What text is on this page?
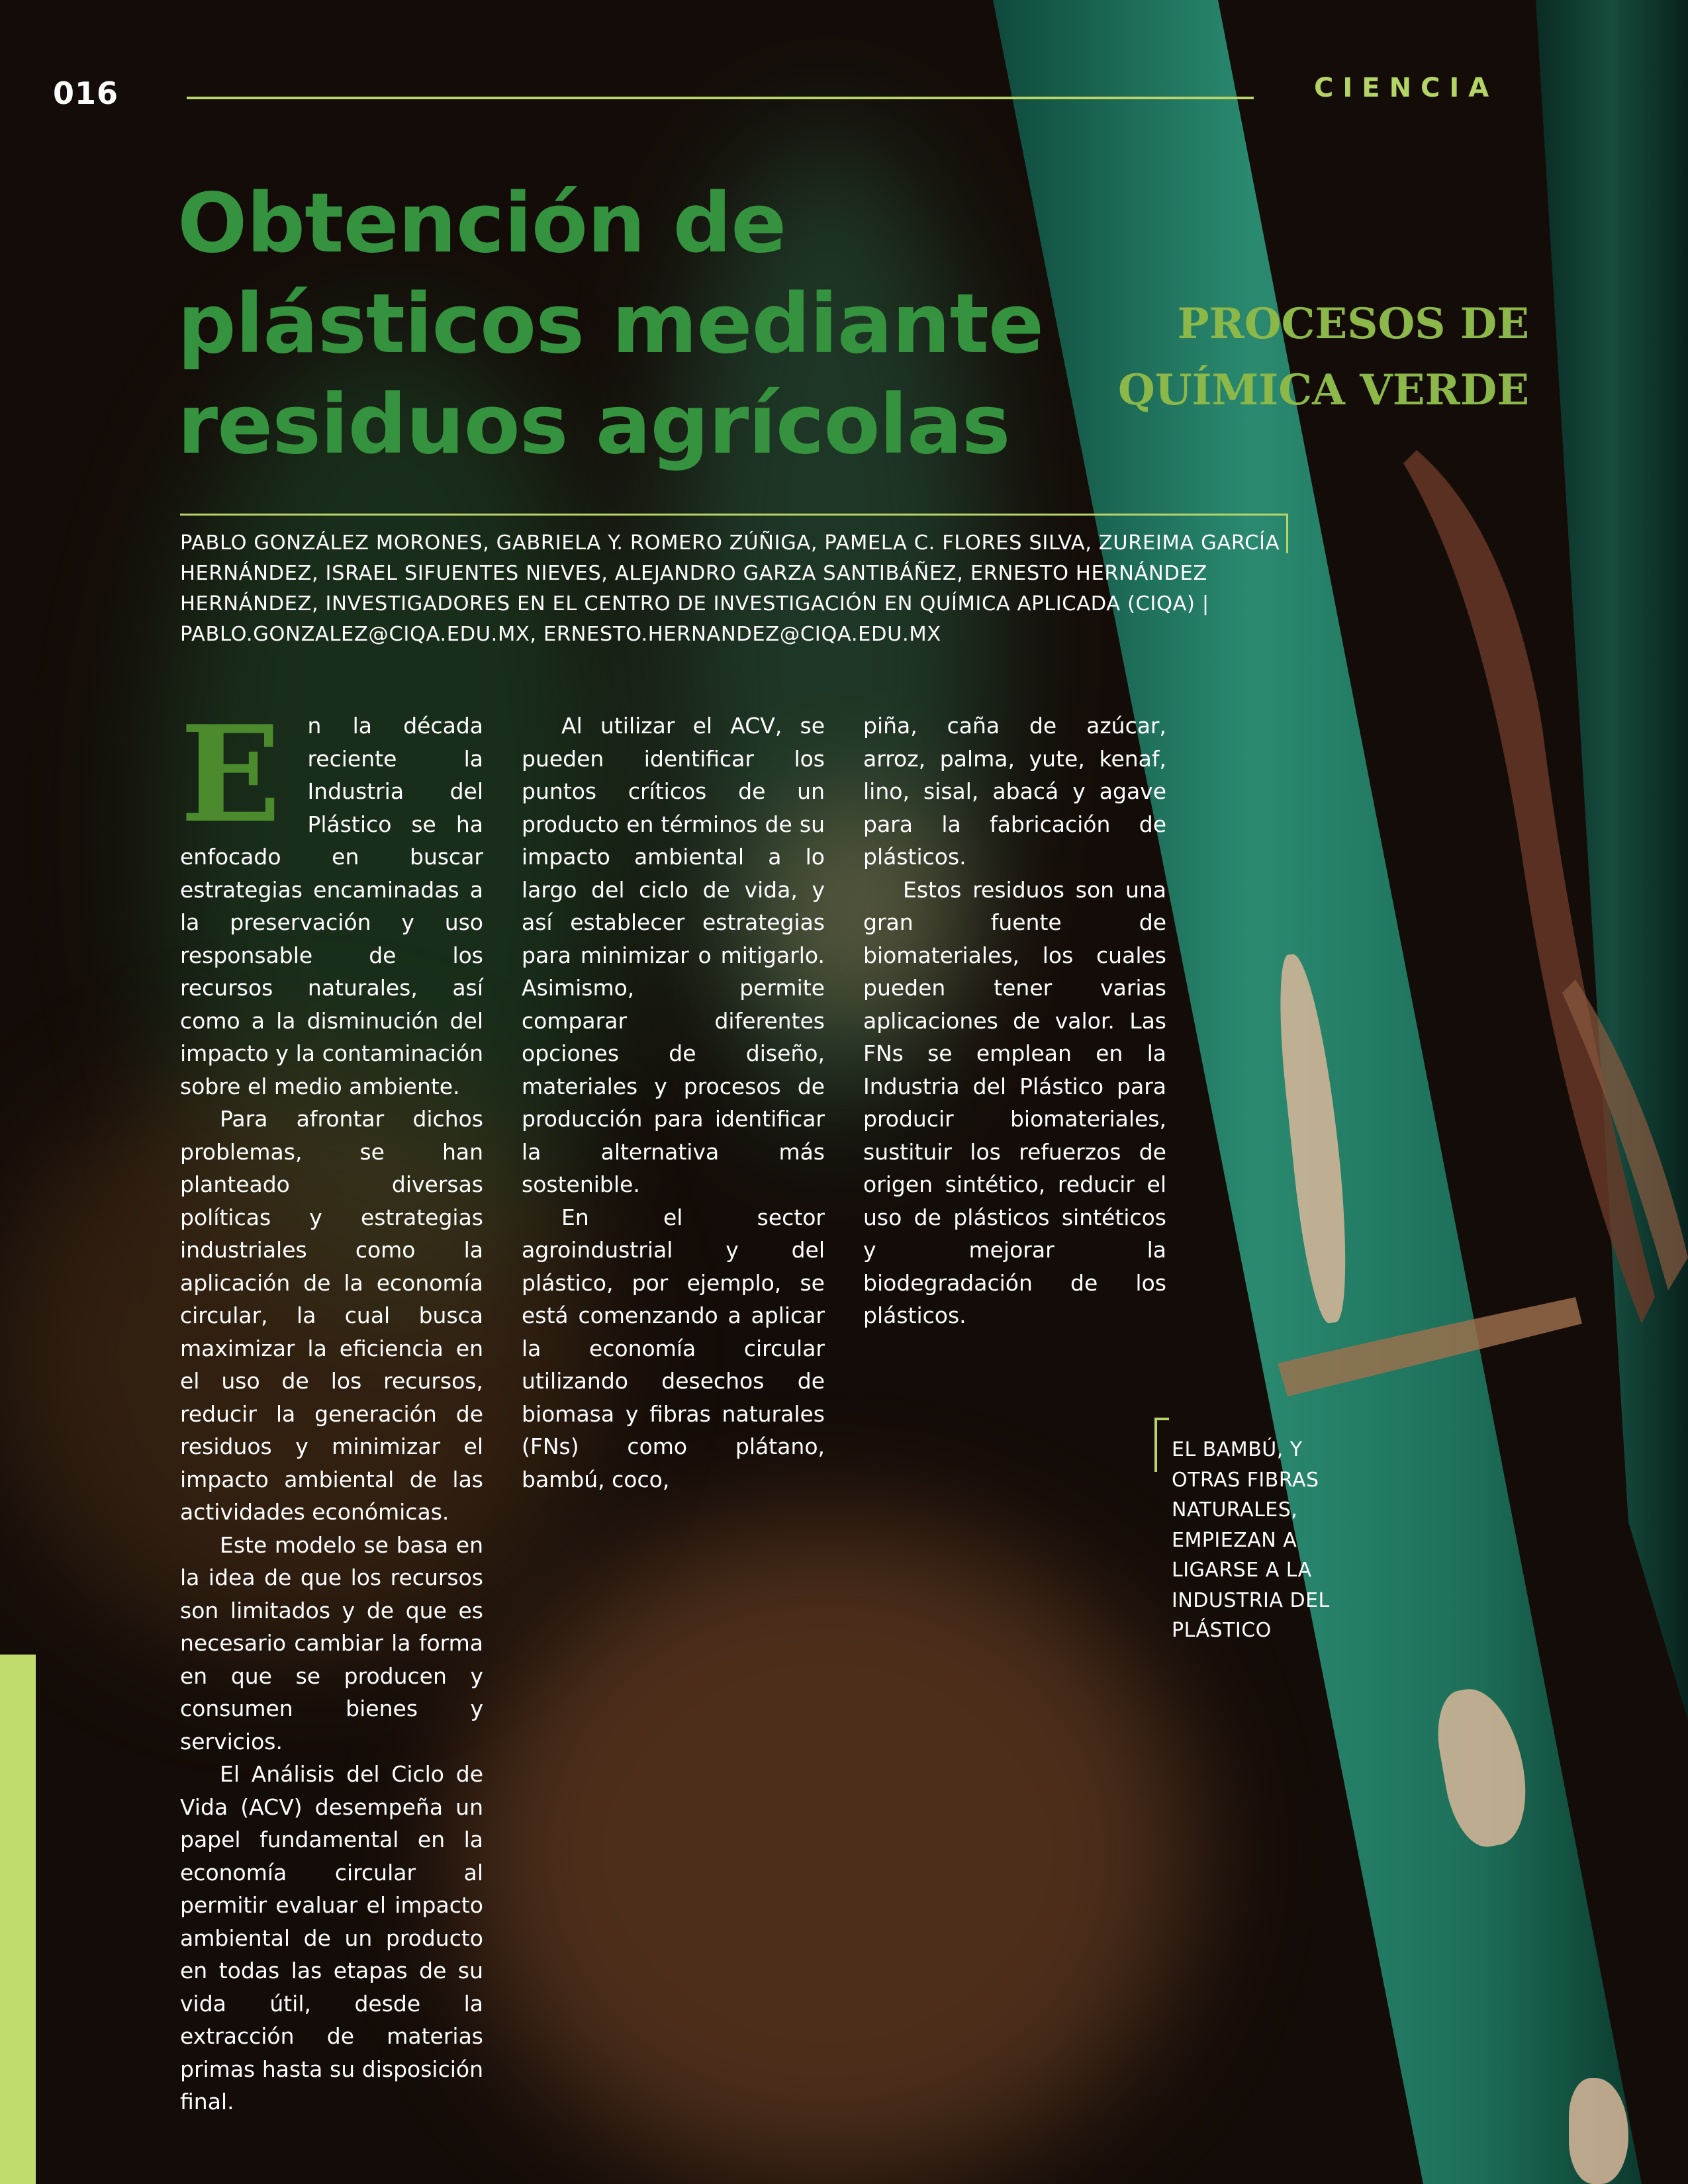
016	CIENCIA
Obtención de plásticos mediante residuos agrícolas

PROCESOS DE QUÍMICA VERDE

PABLO GONZÁLEZ MORONES, GABRIELA Y. ROMERO ZÚÑIGA, PAMELA C. FLORES SILVA, ZUREIMA GARCÍA HERNÁNDEZ, ISRAEL SIFUENTES NIEVES, ALEJANDRO GARZA SANTIBÁÑEZ, ERNESTO HERNÁNDEZ HERNÁNDEZ, INVESTIGADORES EN EL CENTRO DE INVESTIGACIÓN EN QUÍMICA APLICADA (CIQA) | PABLO.GONZALEZ@CIQA.EDU.MX, ERNESTO.HERNANDEZ@CIQA.EDU.MX

E	n la década reciente la Industria del Plástico se ha enfocado en buscar estrategias encaminadas a la preservación y uso responsable de los recursos naturales, así como a la disminución del impacto y la contaminación sobre el medio ambiente.

Para afrontar dichos problemas, se han planteado diversas políticas y estrategias industriales como la aplicación de la economía circular, la cual busca maximizar la eficiencia en el uso de los recursos, reducir la generación de residuos y minimizar el impacto ambiental de las actividades económicas.

Este modelo se basa en la idea de que los recursos son limitados y de que es necesario cambiar la forma en que se producen y consumen bienes y servicios.

El Análisis del Ciclo de Vida (ACV) desempeña un papel fundamental en la economía circular al permitir evaluar el impacto ambiental de un producto en todas las etapas de su vida útil, desde la extracción de materias primas hasta su disposición final.

Al utilizar el ACV, se pueden identificar los puntos críticos de un producto en términos de su impacto ambiental a lo largo del ciclo de vida, y así establecer estrategias para minimizar o mitigarlo. Asimismo, permite comparar diferentes opciones de diseño, materiales y procesos de producción para identificar la alternativa más sostenible.

En el sector agroindustrial y del plástico, por ejemplo, se está comenzando a aplicar la economía circular utilizando desechos de biomasa y fibras naturales (FNs) como plátano, bambú, coco,

piña, caña de azúcar, arroz, palma, yute, kenaf, lino, sisal, abacá y agave para la fabricación de plásticos.

Estos residuos son una gran fuente de biomateriales, los cuales pueden tener varias aplicaciones de valor. Las FNs se emplean en la Industria del Plástico para producir biomateriales, sustituir los refuerzos de origen sintético, reducir el uso de plásticos sintéticos y mejorar la biodegradación de los plásticos.

EL BAMBÚ, Y OTRAS FIBRAS NATURALES, EMPIEZAN A LIGARSE A LA INDUSTRIA DEL PLÁSTICO
